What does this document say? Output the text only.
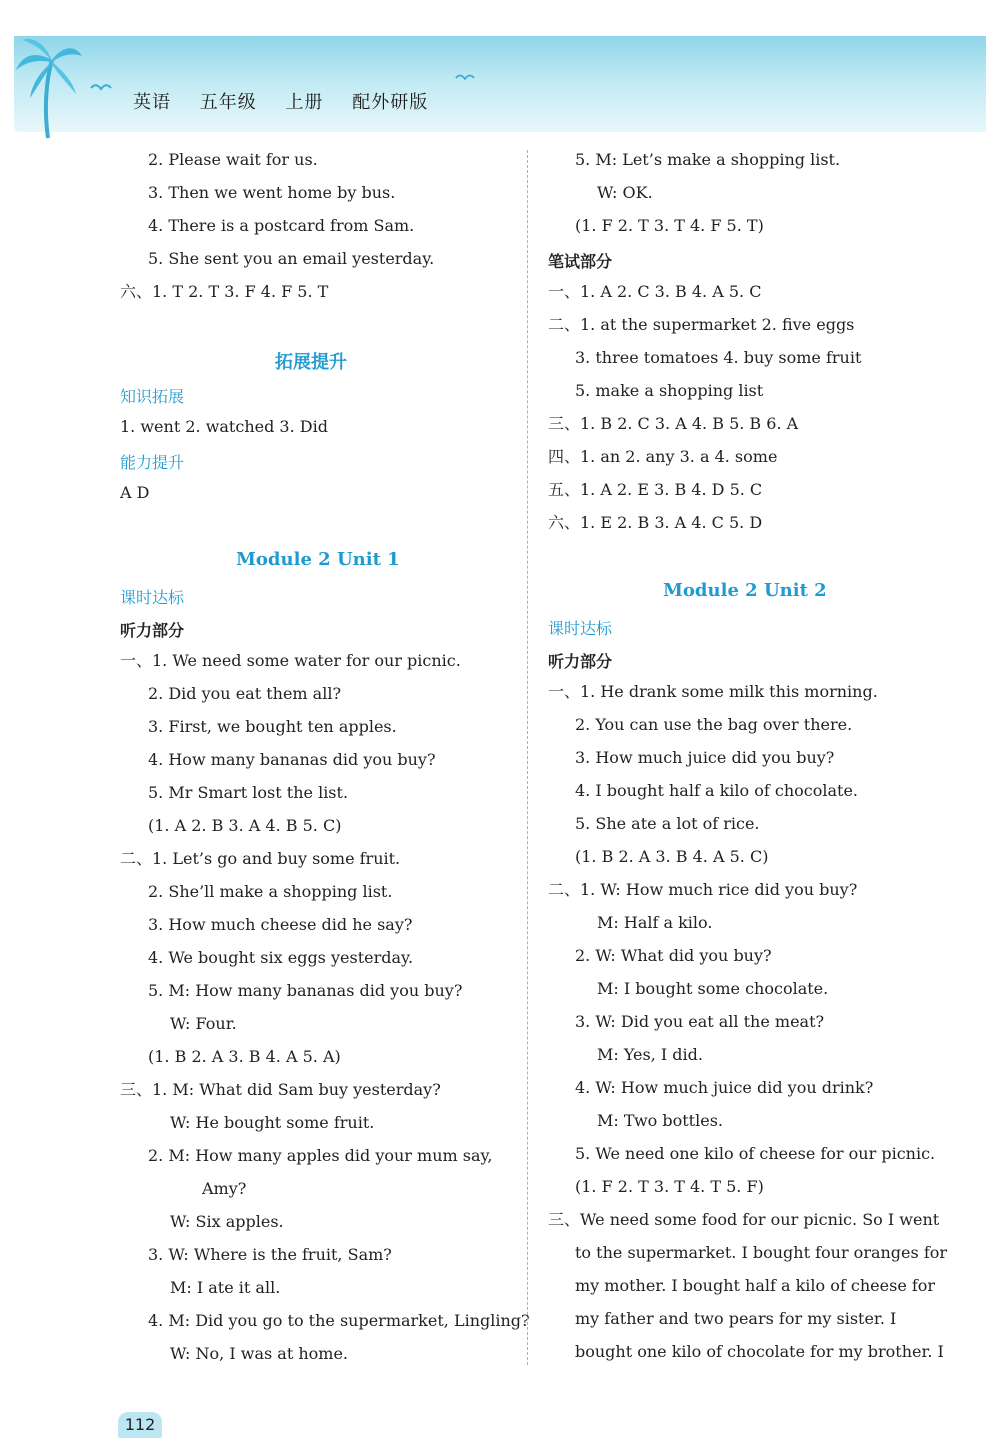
英语 五年级 上册 配外研版
2. Please wait for us.
3. Then we went home by bus.
4. There is a postcard from Sam.
5. She sent you an email yesterday.
六、1. T 2. T 3. F 4. F 5. T
拓展提升
知识拓展
1. went 2. watched 3. Did
能力提升
A D
Module 2 Unit 1
课时达标
听力部分
一、1. We need some water for our picnic.
2. Did you eat them all?
3. First, we bought ten apples.
4. How many bananas did you buy?
5. Mr Smart lost the list.
(1. A 2. B 3. A 4. B 5. C)
二、1. Let’s go and buy some fruit.
2. She’ll make a shopping list.
3. How much cheese did he say?
4. We bought six eggs yesterday.
5. M: How many bananas did you buy?
W: Four.
(1. B 2. A 3. B 4. A 5. A)
三、1. M: What did Sam buy yesterday?
W: He bought some fruit.
2. M: How many apples did your mum say,
Amy?
W: Six apples.
3. W: Where is the fruit, Sam?
M: I ate it all.
4. M: Did you go to the supermarket, Lingling?
W: No, I was at home.
5. M: Let’s make a shopping list.
W: OK.
(1. F 2. T 3. T 4. F 5. T)
笔试部分
一、1. A 2. C 3. B 4. A 5. C
二、1. at the supermarket 2. five eggs
3. three tomatoes 4. buy some fruit
5. make a shopping list
三、1. B 2. C 3. A 4. B 5. B 6. A
四、1. an 2. any 3. a 4. some
五、1. A 2. E 3. B 4. D 5. C
六、1. E 2. B 3. A 4. C 5. D
Module 2 Unit 2
课时达标
听力部分
一、1. He drank some milk this morning.
2. You can use the bag over there.
3. How much juice did you buy?
4. I bought half a kilo of chocolate.
5. She ate a lot of rice.
(1. B 2. A 3. B 4. A 5. C)
二、1. W: How much rice did you buy?
M: Half a kilo.
2. W: What did you buy?
M: I bought some chocolate.
3. W: Did you eat all the meat?
M: Yes, I did.
4. W: How much juice did you drink?
M: Two bottles.
5. We need one kilo of cheese for our picnic.
(1. F 2. T 3. T 4. T 5. F)
三、We need some food for our picnic. So I went
to the supermarket. I bought four oranges for
my mother. I bought half a kilo of cheese for
my father and two pears for my sister. I
bought one kilo of chocolate for my brother. I
112
